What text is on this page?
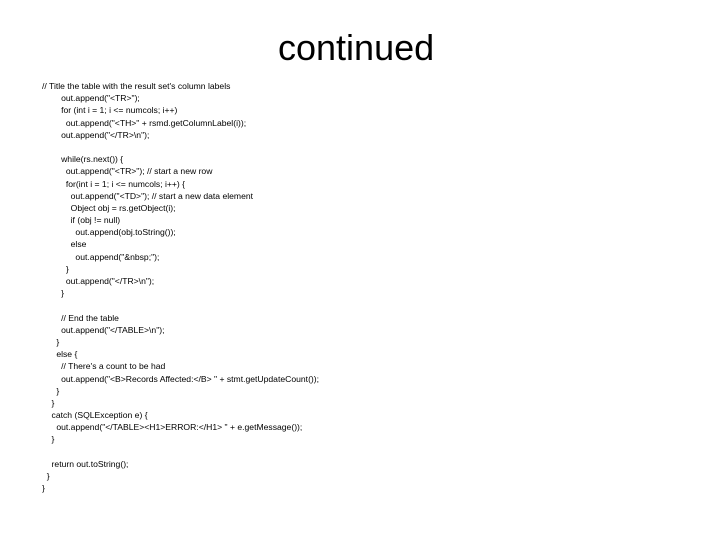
continued
// Title the table with the result set's column labels
out.append("<TR>");
for (int i = 1; i <= numcols; i++)
out.append("<TH>" + rsmd.getColumnLabel(i));
out.append("</TR>\n");
while(rs.next()) {
out.append("<TR>"); // start a new row
for(int i = 1; i <= numcols; i++) {
out.append("<TD>"); // start a new data element
Object obj = rs.getObject(i);
if (obj != null)
out.append(obj.toString());
else
out.append("&nbsp;");
}
out.append("</TR>\n");
}
// End the table
out.append("</TABLE>\n");
}
else {
// There's a count to be had
out.append("<B>Records Affected:</B> " + stmt.getUpdateCount());
}
}
catch (SQLException e) {
out.append("</TABLE><H1>ERROR:</H1> " + e.getMessage());
}
return out.toString();
}
}
